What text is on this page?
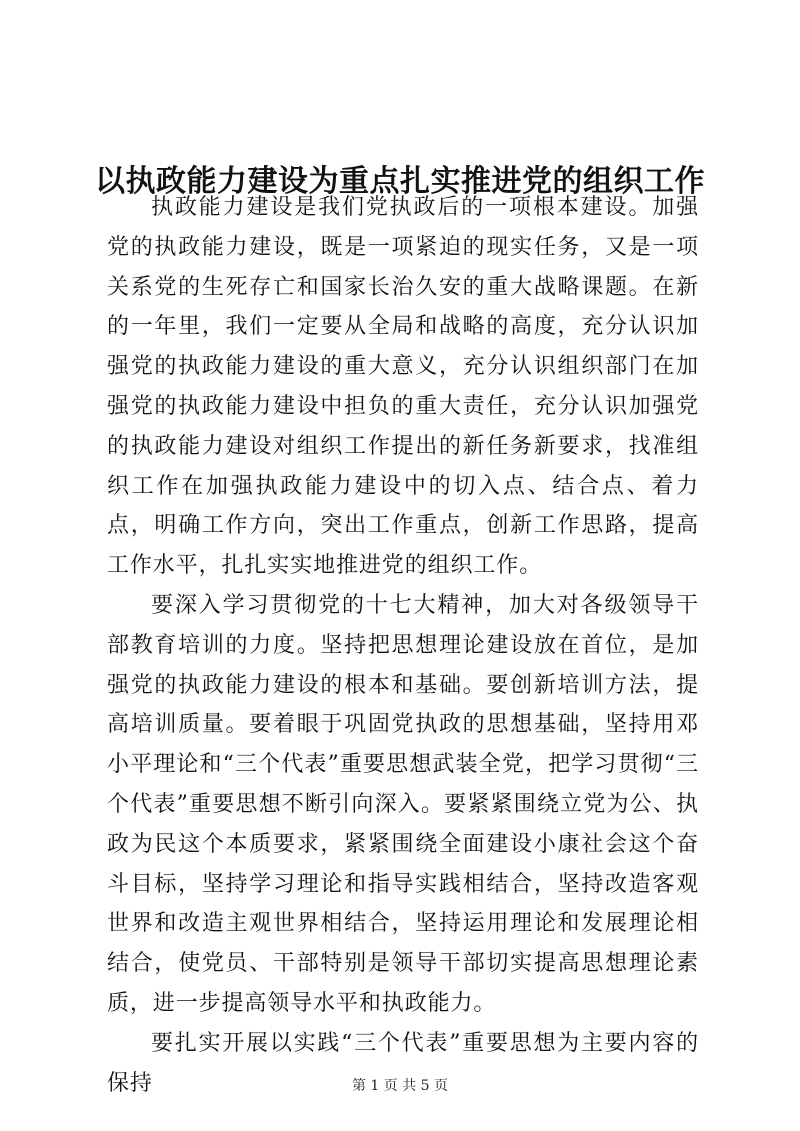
以执政能力建设为重点扎实推进党的组织工作

执政能力建设是我们党执政后的一项根本建设。加强党的执政能力建设，既是一项紧迫的现实任务，又是一项关系党的生死存亡和国家长治久安的重大战略课题。在新的一年里，我们一定要从全局和战略的高度，充分认识加强党的执政能力建设的重大意义，充分认识组织部门在加强党的执政能力建设中担负的重大责任，充分认识加强党的执政能力建设对组织工作提出的新任务新要求，找准组织工作在加强执政能力建设中的切入点、结合点、着力点，明确工作方向，突出工作重点，创新工作思路，提高工作水平，扎扎实实地推进党的组织工作。

要深入学习贯彻党的十七大精神，加大对各级领导干部教育培训的力度。坚持把思想理论建设放在首位，是加强党的执政能力建设的根本和基础。要创新培训方法，提高培训质量。要着眼于巩固党执政的思想基础，坚持用邓小平理论和“三个代表”重要思想武装全党，把学习贯彻“三个代表”重要思想不断引向深入。要紧紧围绕立党为公、执政为民这个本质要求，紧紧围绕全面建设小康社会这个奋斗目标，坚持学习理论和指导实践相结合，坚持改造客观世界和改造主观世界相结合，坚持运用理论和发展理论相结合，使党员、干部特别是领导干部切实提高思想理论素质，进一步提高领导水平和执政能力。

要扎实开展以实践“三个代表”重要思想为主要内容的保持	第 1 页 共 5 页
